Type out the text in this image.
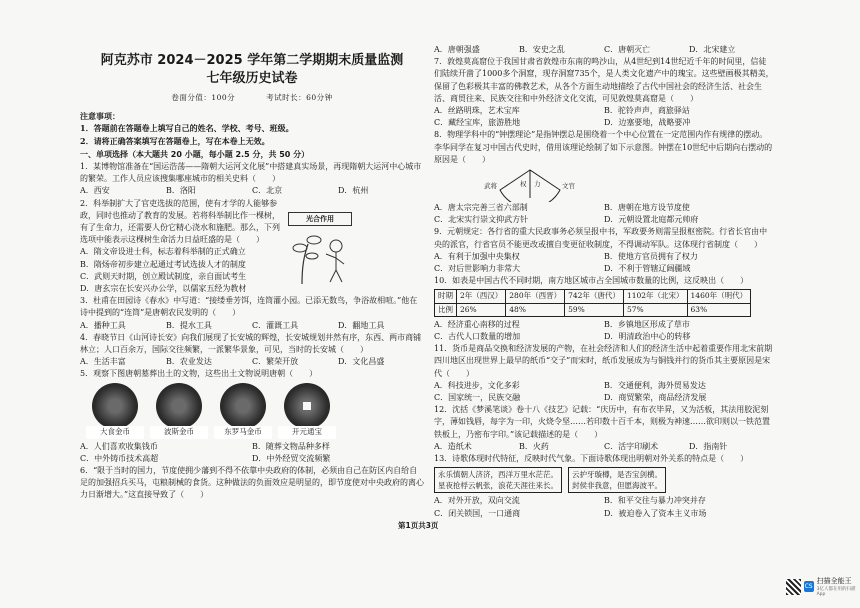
阿克苏市 2024－2025 学年第二学期期末质量监测
七年级历史试卷
卷面分值：100分	考试时长：60分钟
注意事项：
1．答题前在答题卷上填写自己的姓名、学校、考号、班级。
2．请将正确答案填写在答题卷上，写在本卷上无效。
一、单项选择（本大题共 20 小题，每小题 2.5 分，共 50 分）

1．某博物馆准备在“国运浩荡——隋朝大运河文化展”中搭建真实场景，再现隋朝大运河中心城市的繁荣。工作人员应该搜集哪座城市的相关史料（　　）

A．西安	B．洛阳	C．北京	D．杭州

2．科举制扩大了官吏选拔的范围，使有才学的人能够参政，同时也推动了教育的发展。若将科举制比作一棵树，有了生命力，还需要人份它精心浇水和施肥。那么，下列选项中能表示这棵树生命活力日益旺盛的是（　　）

A．隋文帝设进士科，标志着科举制的正式确立
B．隋炀帝初步建立起通过考试选拔人才的制度
C．武则天时期，创立殿试制度，亲自面试考生
D．唐玄宗在长安兴办公学，以儒家五经为教材

3．杜甫在田园诗《春水》中写道：“接缕垂芳饵，连筒灌小园。已添无数鸟，争浴故相喧。”他在诗中提到的“连筒”是唐朝农民发明的（　　）

A．播种工具	B．提水工具	C．灌溉工具	D．翻地工具

4．春晓节日《山河诗长安》向我们展现了长安城的辉煌，长安城规划井然有序，东西、两市商铺林立；人口百余万，国际交往频繁，一派繁华景象，可见，当时的长安城（　　）

A．生活丰富	B．农业发达	C．繁荣开放	D．文化昌盛

5．观察下图唐朝墓葬出土的文物，这些出土文物说明唐朝（　　）

大食金币	波斯金币	东罗马金币	开元通宝
A．人们喜欢收集钱币	B．随葬文物品种多样
C．中外铸币技术高超	D．中外经贸交流频繁

6．“限于当时的国力，节度使拥少藩到不得不依靠中央政府的体制，必须由自己在防区内自给自足的加强招兵买马，屯粮制械的食货。这种做法的负面效应是明显的，即节度使对中央政府的离心力日渐增大。”这直接导致了（　　）

光合作用
A．唐朝强盛	B．安史之乱	C．唐朝灭亡	D．北宋建立

7．敦煌莫高窟位于我国甘肃省敦煌市东南的鸣沙山，从4世纪到14世纪近千年的时间里，信徒们陆续开凿了1000多个洞窟，现存洞窟735个，是人类文化遗产中的瑰宝。这些壁画极其精美，保留了色彩极其丰富的佛教艺术，从各个方面生动地描绘了古代中国社会的经济生活、社会生活、商贸往来、民族交往和中外经济文化交流，可见敦煌莫高窟是（　　）

A．丝路明珠，艺术宝库	B．驼铃声声，商旅驿站
C．藏经宝库，旅游胜地	D．边塞要地，战略要冲

8．物理学科中的“钟摆理论”是指钟摆总是围绕着一个中心位置在一定范围内作有规律的摆动。李华同学在复习中国古代史时，借用该理论绘制了如下示意图。钟摆在10世纪中后期向右摆动的原因是（　　）

A．唐太宗完善三省六部制	B．唐朝在地方设节度使
C．北宋实行崇文抑武方针	D．元朝设置北庭都元帅府

9．元朝规定：各行省的重大民政事务必须呈报中书，军政要务则需呈报枢密院。行省长官由中央的派官，行省官员不能更改或擅自变更征收制度，不得调动军队。这体现行省制度（　　）

A．有利于加强中央集权	B．使地方官员拥有了权力
C．对后世影响力非常大	D．不利于管辖辽阔疆域

10．如表是中国古代不同时期，南方地区城市占全国城市数量的比例，这反映出（　　）

时期	2年（西汉）	280年（西晋）	742年（唐代）	1102年（北宋）	1460年（明代）
比例	26%	48%	59%	57%	63%
A．经济重心南移的过程	B．乡镇地区形成了草市
C．古代人口数量的增加	D．明清政治中心的转移

11．货币是商品交换和经济发展的产物，在社会经济和人们的经济生活中起着重要作用北宋前期四川地区出现世界上最早的纸币“交子”而宋时，纸币发展成为与铜钱并行的货币其主要原因是宋代（　　）

A．科技进步，文化多彩	B．交通便利，海外贸易发达
C．国家统一，民族交融	D．商贸繁荣，商品经济发展

12．沈括《梦溪笔谈》卷十八《技艺》记载：“庆历中，有布衣毕昇，又为活板，其法用胶泥刻字，薄如钱唇，每字为一印，火烧令坚……若印数十百千本，则极为神速……欲印则以一铁范置铁板上，乃密布字印。”该记载描述的是（　　）

A．造纸术	B．火药	C．活字印刷术	D．指南针

13．诗歌体现时代特征，反映时代气象。下面诗歌体现出明朝对外关系的特点是（　　）

永乐慎朝人济济，西洋万里水茫茫。
星夜抢桴云帆张，浪花天涯往来长。
云护牙璇樽，是否宝剑横。
封侯非我意，但愿海波平。
A．对外开放，双向交流	B．和平交往与暴力冲突并存
C．闭关锁国，一口通商	D．被迫卷入了资本主义市场
武将	文官
权 力
第1页共3页
CS
扫描全能王
3亿人都在用的扫描App
